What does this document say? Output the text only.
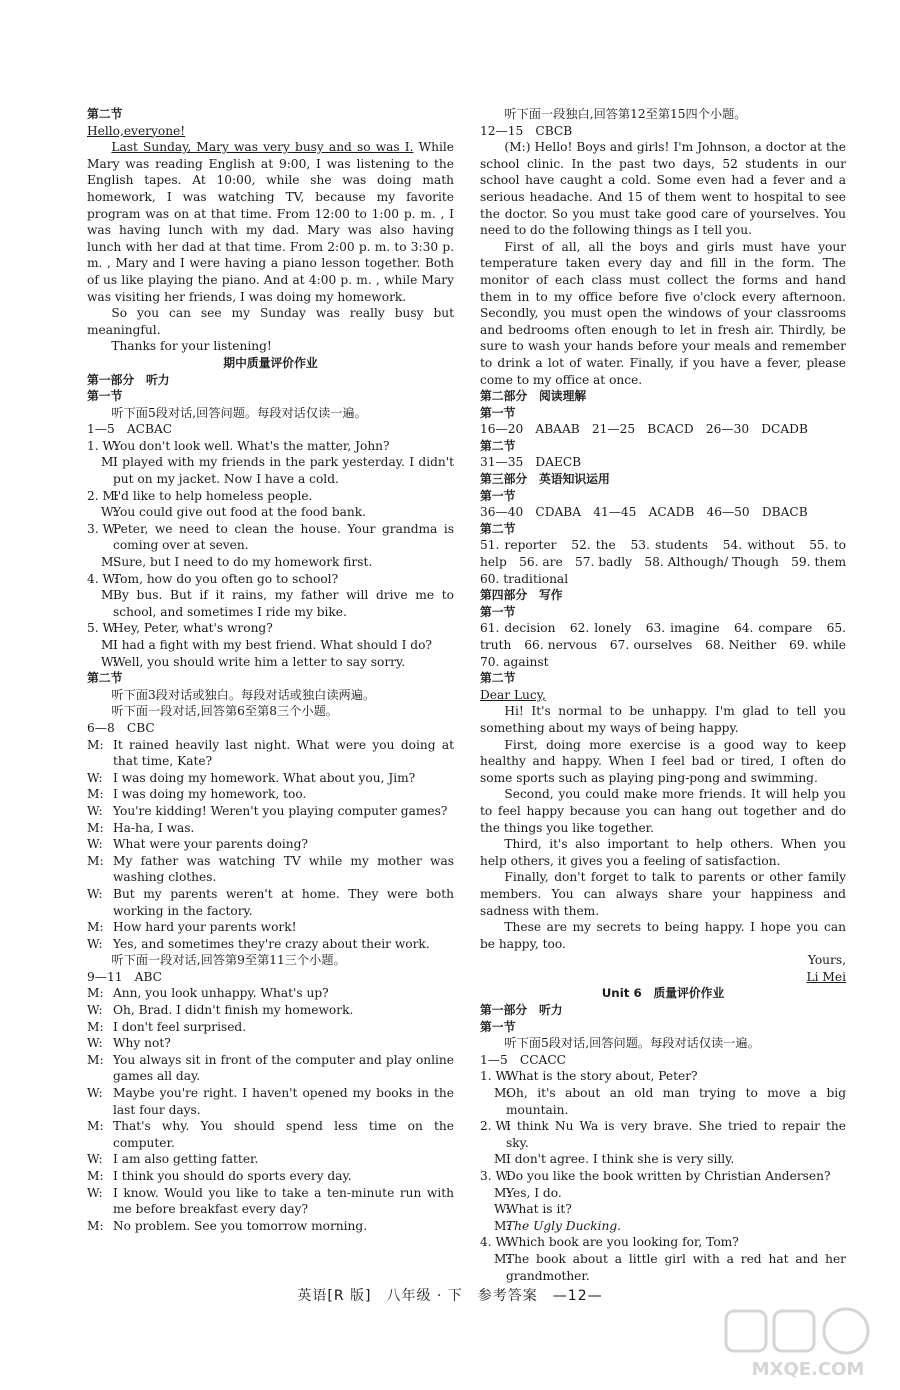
第二节

Hello,everyone!

Last Sunday, Mary was very busy and so was I. While Mary was reading English at 9:00, I was listening to the English tapes. At 10:00, while she was doing math homework, I was watching TV, because my favorite program was on at that time. From 12:00 to 1:00 p. m. , I was having lunch with my dad. Mary was also having lunch with her dad at that time. From 2:00 p. m. to 3:30 p. m. , Mary and I were having a piano lesson together. Both of us like playing the piano. And at 4:00 p. m. , while Mary was visiting her friends, I was doing my homework.

So you can see my Sunday was really busy but meaningful.

Thanks for your listening!

期中质量评价作业

第一部分　听力

第一节

听下面5段对话,回答问题。每段对话仅读一遍。

1—5　ACBAC

1. W:
You don't look well. What's the matter, John?
M:
I played with my friends in the park yesterday. I didn't put on my jacket. Now I have a cold.
2. M:
I'd like to help homeless people.
W:
You could give out food at the food bank.
3. W:
Peter, we need to clean the house. Your grandma is coming over at seven.
M:
Sure, but I need to do my homework first.
4. W:
Tom, how do you often go to school?
M:
By bus. But if it rains, my father will drive me to school, and sometimes I ride my bike.
5. W:
Hey, Peter, what's wrong?
M:
I had a fight with my best friend. What should I do?
W:
Well, you should write him a letter to say sorry.

第二节

听下面3段对话或独白。每段对话或独白读两遍。

听下面一段对话,回答第6至第8三个小题。

6—8　CBC

M: It rained heavily last night. What were you doing at that time, Kate?
W: I was doing my homework. What about you, Jim?
M: I was doing my homework, too.
W: You're kidding! Weren't you playing computer games?
M: Ha-ha, I was.
W: What were your parents doing?
M: My father was watching TV while my mother was washing clothes.
W: But my parents weren't at home. They were both working in the factory.
M: How hard your parents work!
W: Yes, and sometimes they're crazy about their work.

听下面一段对话,回答第9至第11三个小题。

9—11　ABC

M: Ann, you look unhappy. What's up?
W: Oh, Brad. I didn't finish my homework.
M: I don't feel surprised.
W: Why not?
M: You always sit in front of the computer and play online games all day.
W: Maybe you're right. I haven't opened my books in the last four days.
M: That's why. You should spend less time on the computer.
W: I am also getting fatter.
M: I think you should do sports every day.
W: I know. Would you like to take a ten-minute run with me before breakfast every day?
M: No problem. See you tomorrow morning.

听下面一段独白,回答第12至第15四个小题。

12—15　CBCB

(M:) Hello! Boys and girls! I'm Johnson, a doctor at the school clinic. In the past two days, 52 students in our school have caught a cold. Some even had a fever and a serious headache. And 15 of them went to hospital to see the doctor. So you must take good care of yourselves. You need to do the following things as I tell you.

First of all, all the boys and girls must have your temperature taken every day and fill in the form. The monitor of each class must collect the forms and hand them in to my office before five o'clock every afternoon. Secondly, you must open the windows of your classrooms and bedrooms often enough to let in fresh air. Thirdly, be sure to wash your hands before your meals and remember to drink a lot of water. Finally, if you have a fever, please come to my office at once.

第二部分　阅读理解

第一节

16—20　ABAAB　21—25　BCACD　26—30　DCADB

第二节

31—35　DAECB

第三部分　英语知识运用

第一节

36—40　CDABA　41—45　ACADB　46—50　DBACB

第二节

51. reporter　52. the　53. students　54. without　55. to help　56. are　57. badly　58. Although/ Though　59. them　60. traditional

第四部分　写作

第一节

61. decision　62. lonely　63. imagine　64. compare　65. truth　66. nervous　67. ourselves　68. Neither　69. while　70. against

第二节

Dear Lucy,

Hi! It's normal to be unhappy. I'm glad to tell you something about my ways of being happy.

First, doing more exercise is a good way to keep healthy and happy. When I feel bad or tired, I often do some sports such as playing ping-pong and swimming.

Second, you could make more friends. It will help you to feel happy because you can hang out together and do the things you like together.

Third, it's also important to help others. When you help others, it gives you a feeling of satisfaction.

Finally, don't forget to talk to parents or other family members. You can always share your happiness and sadness with them.

These are my secrets to being happy. I hope you can be happy, too.

Yours,

Li Mei

Unit 6　质量评价作业

第一部分　听力

第一节

听下面5段对话,回答问题。每段对话仅读一遍。

1—5　CCACC

1. W:
What is the story about, Peter?
M:
Oh, it's about an old man trying to move a big mountain.
2. W:
I think Nu Wa is very brave. She tried to repair the sky.
M:
I don't agree. I think she is very silly.
3. W:
Do you like the book written by Christian Andersen?
M:
Yes, I do.
W:
What is it?
M:
The Ugly Ducking.
4. W:
Which book are you looking for, Tom?
M:
The book about a little girl with a red hat and her grandmother.
英语[R 版]　八年级 · 下　参考答案　—12—
MXQE.COM
